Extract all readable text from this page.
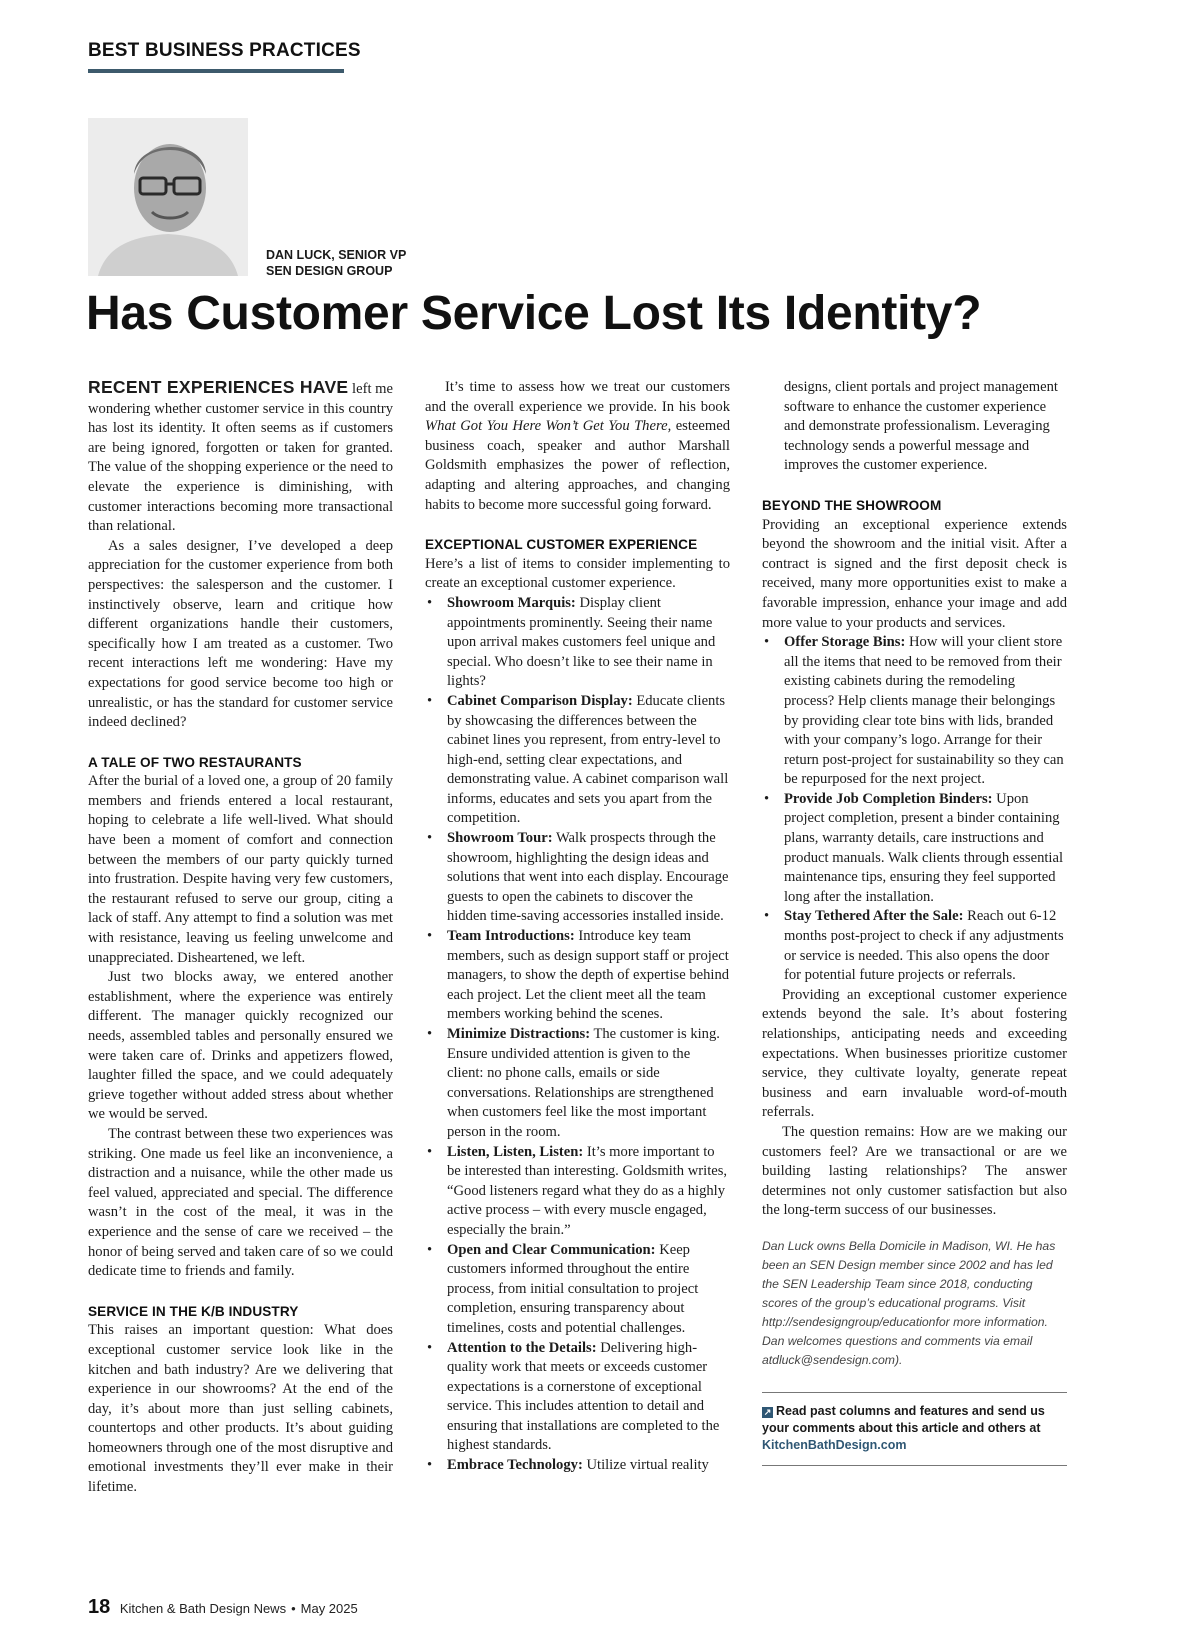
BEST BUSINESS PRACTICES
DAN LUCK, SENIOR VP
SEN DESIGN GROUP
Has Customer Service Lost Its Identity?

RECENT EXPERIENCES HAVE left me wondering whether customer service in this country has lost its identity. It often seems as if customers are being ignored, forgotten or taken for granted. The value of the shopping experience or the need to elevate the experience is diminishing, with customer interactions becoming more transactional than relational.

As a sales designer, I’ve developed a deep appreciation for the customer experience from both perspectives: the salesperson and the customer. I instinctively observe, learn and critique how different organizations handle their customers, specifically how I am treated as a customer. Two recent interactions left me wondering: Have my expectations for good service become too high or unrealistic, or has the standard for customer service indeed declined?

A TALE OF TWO RESTAURANTS

After the burial of a loved one, a group of 20 family members and friends entered a local restaurant, hoping to celebrate a life well-lived. What should have been a moment of comfort and connection between the members of our party quickly turned into frustration. Despite having very few customers, the restaurant refused to serve our group, citing a lack of staff. Any attempt to find a solution was met with resistance, leaving us feeling unwelcome and unappreciated. Disheartened, we left.

Just two blocks away, we entered another establishment, where the experience was entirely different. The manager quickly recognized our needs, assembled tables and personally ensured we were taken care of. Drinks and appetizers flowed, laughter filled the space, and we could adequately grieve together without added stress about whether we would be served.

The contrast between these two experiences was striking. One made us feel like an inconvenience, a distraction and a nuisance, while the other made us feel valued, appreciated and special. The difference wasn’t in the cost of the meal, it was in the experience and the sense of care we received – the honor of being served and taken care of so we could dedicate time to friends and family.

SERVICE IN THE K/B INDUSTRY

This raises an important question: What does exceptional customer service look like in the kitchen and bath industry? Are we delivering that experience in our showrooms? At the end of the day, it’s about more than just selling cabinets, countertops and other products. It’s about guiding homeowners through one of the most disruptive and emotional investments they’ll ever make in their lifetime.

It’s time to assess how we treat our customers and the overall experience we provide. In his book What Got You Here Won’t Get You There, esteemed business coach, speaker and author Marshall Goldsmith emphasizes the power of reflection, adapting and altering approaches, and changing habits to become more successful going forward.

EXCEPTIONAL CUSTOMER EXPERIENCE

Here’s a list of items to consider implementing to create an exceptional customer experience.

• Showroom Marquis: Display client appointments prominently. Seeing their name upon arrival makes customers feel unique and special. Who doesn’t like to see their name in lights?
• Cabinet Comparison Display: Educate clients by showcasing the differences between the cabinet lines you represent, from entry-level to high-end, setting clear expectations, and demonstrating value. A cabinet comparison wall informs, educates and sets you apart from the competition.
• Showroom Tour: Walk prospects through the showroom, highlighting the design ideas and solutions that went into each display. Encourage guests to open the cabinets to discover the hidden time-saving accessories installed inside.
• Team Introductions: Introduce key team members, such as design support staff or project managers, to show the depth of expertise behind each project. Let the client meet all the team members working behind the scenes.
• Minimize Distractions: The customer is king. Ensure undivided attention is given to the client: no phone calls, emails or side conversations. Relationships are strengthened when customers feel like the most important person in the room.
• Listen, Listen, Listen: It’s more important to be interested than interesting. Goldsmith writes, “Good listeners regard what they do as a highly active process – with every muscle engaged, especially the brain.”
• Open and Clear Communication: Keep customers informed throughout the entire process, from initial consultation to project completion, ensuring transparency about timelines, costs and potential challenges.
• Attention to the Details: Delivering high-quality work that meets or exceeds customer expectations is a cornerstone of exceptional service. This includes attention to detail and ensuring that installations are completed to the highest standards.
• Embrace Technology: Utilize virtual reality
designs, client portals and project management software to enhance the customer experience and demonstrate professionalism. Leveraging technology sends a powerful message and improves the customer experience.
BEYOND THE SHOWROOM

Providing an exceptional experience extends beyond the showroom and the initial visit. After a contract is signed and the first deposit check is received, many more opportunities exist to make a favorable impression, enhance your image and add more value to your products and services.

• Offer Storage Bins: How will your client store all the items that need to be removed from their existing cabinets during the remodeling process? Help clients manage their belongings by providing clear tote bins with lids, branded with your company’s logo. Arrange for their return post-project for sustainability so they can be repurposed for the next project.
• Provide Job Completion Binders: Upon project completion, present a binder containing plans, warranty details, care instructions and product manuals. Walk clients through essential maintenance tips, ensuring they feel supported long after the installation.
• Stay Tethered After the Sale: Reach out 6-12 months post-project to check if any adjustments or service is needed. This also opens the door for potential future projects or referrals.

Providing an exceptional customer experience extends beyond the sale. It’s about fostering relationships, anticipating needs and exceeding expectations. When businesses prioritize customer service, they cultivate loyalty, generate repeat business and earn invaluable word-of-mouth referrals.

The question remains: How are we making our customers feel? Are we transactional or are we building lasting relationships? The answer determines not only customer satisfaction but also the long-term success of our businesses.

Dan Luck owns Bella Domicile in Madison, WI. He has been an SEN Design member since 2002 and has led the SEN Leadership Team since 2018, conducting scores of the group’s educational programs. Visit http://sendesigngroup/educationfor more information. Dan welcomes questions and comments via email atdluck@sendesign.com).

↗ Read past columns and features and send us your comments about this article and others at KitchenBathDesign.com
18 Kitchen & Bath Design News • May 2025
